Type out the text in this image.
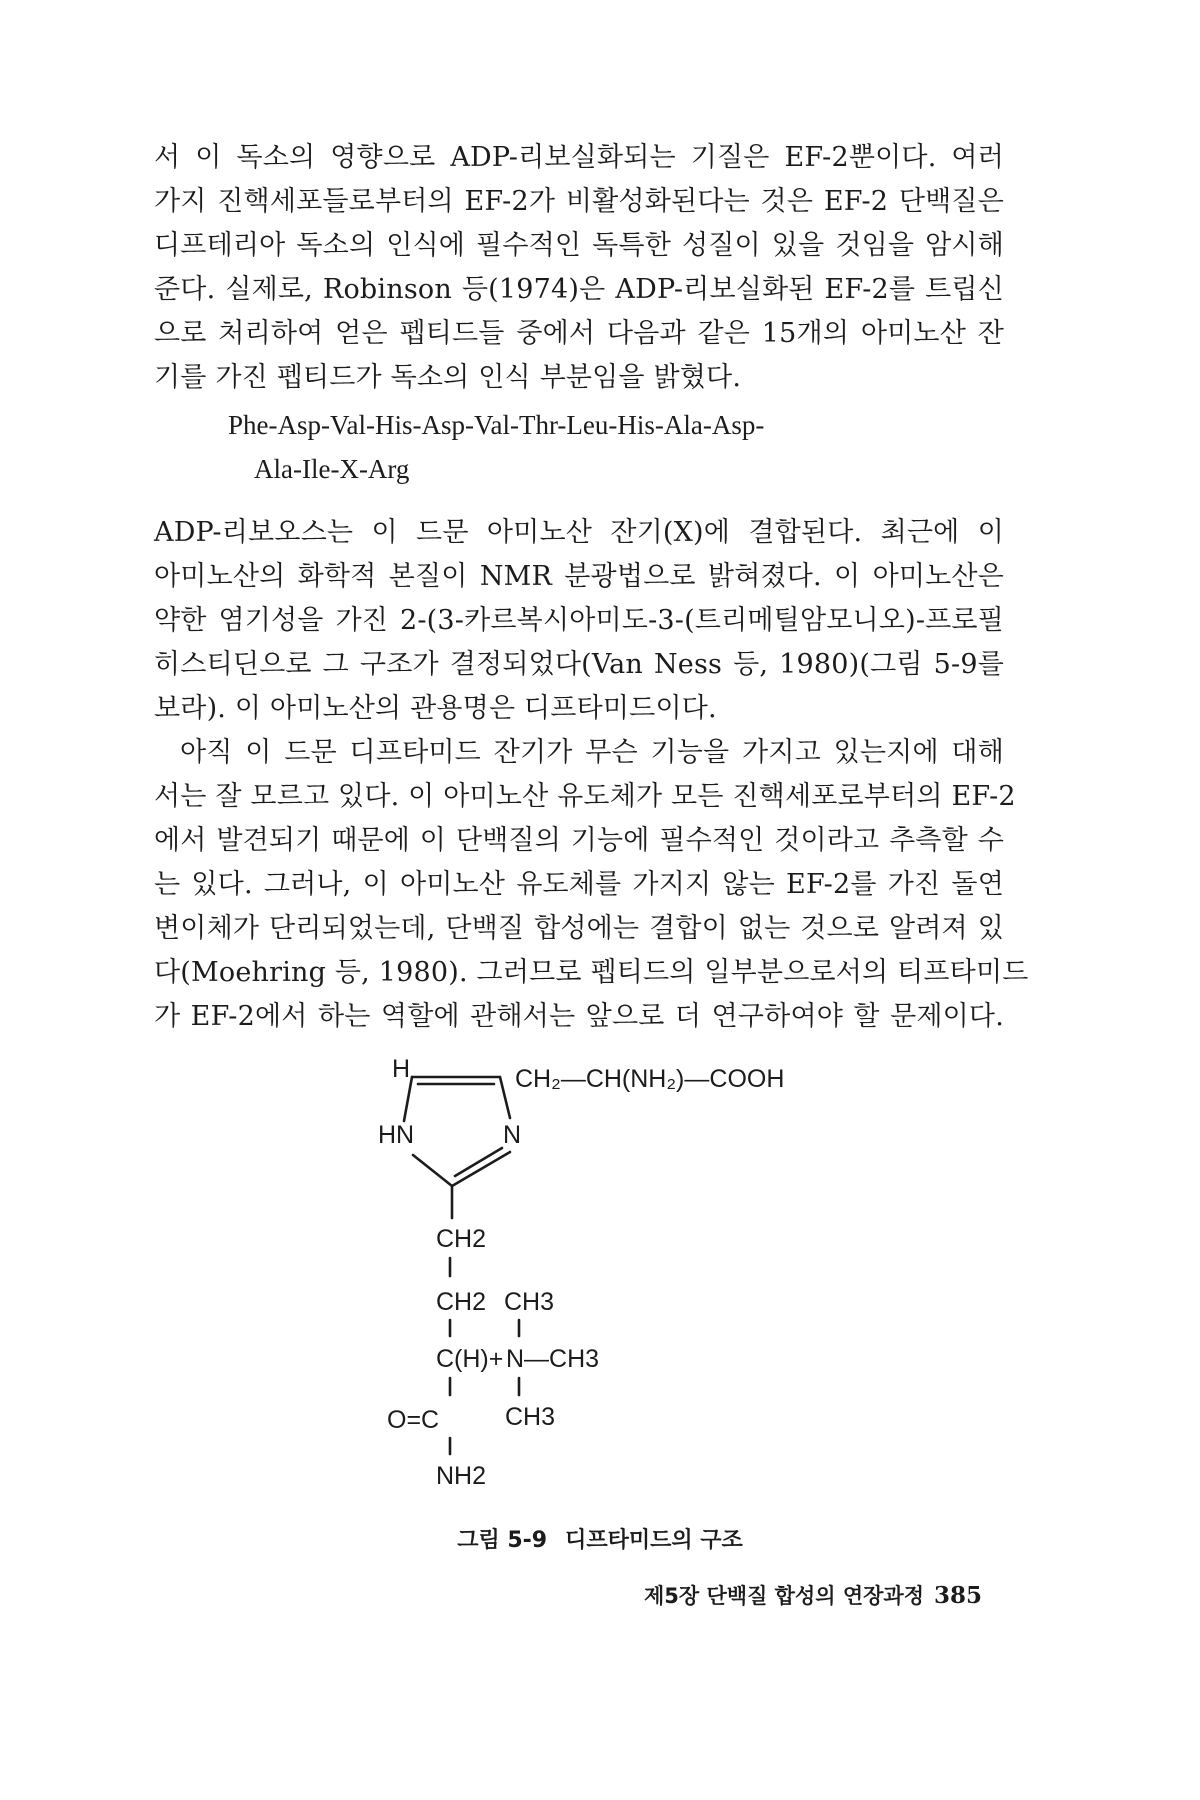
서 이 독소의 영향으로 ADP-리보실화되는 기질은 EF-2뿐이다. 여러
가지 진핵세포들로부터의 EF-2가 비활성화된다는 것은 EF-2 단백질은
디프테리아 독소의 인식에 필수적인 독특한 성질이 있을 것임을 암시해
준다. 실제로, Robinson 등(1974)은 ADP-리보실화된 EF-2를 트립신
으로 처리하여 얻은 펩티드들 중에서 다음과 같은 15개의 아미노산 잔
기를 가진 펩티드가 독소의 인식 부분임을 밝혔다.
Phe-Asp-Val-His-Asp-Val-Thr-Leu-His-Ala-Asp-
Ala-Ile-X-Arg
ADP-리보오스는 이 드문 아미노산 잔기(X)에 결합된다. 최근에 이
아미노산의 화학적 본질이 NMR 분광법으로 밝혀졌다. 이 아미노산은
약한 염기성을 가진 2-(3-카르복시아미도-3-(트리메틸암모니오)-프로필
히스티딘으로 그 구조가 결정되었다(Van Ness 등, 1980)(그림 5-9를
보라). 이 아미노산의 관용명은 디프타미드이다.
아직 이 드문 디프타미드 잔기가 무슨 기능을 가지고 있는지에 대해
서는 잘 모르고 있다. 이 아미노산 유도체가 모든 진핵세포로부터의 EF-2
에서 발견되기 때문에 이 단백질의 기능에 필수적인 것이라고 추측할 수
는 있다. 그러나, 이 아미노산 유도체를 가지지 않는 EF-2를 가진 돌연
변이체가 단리되었는데, 단백질 합성에는 결합이 없는 것으로 알려져 있
다(Moehring 등, 1980). 그러므로 펩티드의 일부분으로서의 티프타미드
가 EF-2에서 하는 역할에 관해서는 앞으로 더 연구하여야 할 문제이다.
H	CH₂—CH(NH₂)—COOH
HN	N
CH2
CH2 CH3
C(H)+ N—CH3
O=C	CH3
NH2
그림 5-9 디프타미드의 구조
제5장 단백질 합성의 연장과정 385
